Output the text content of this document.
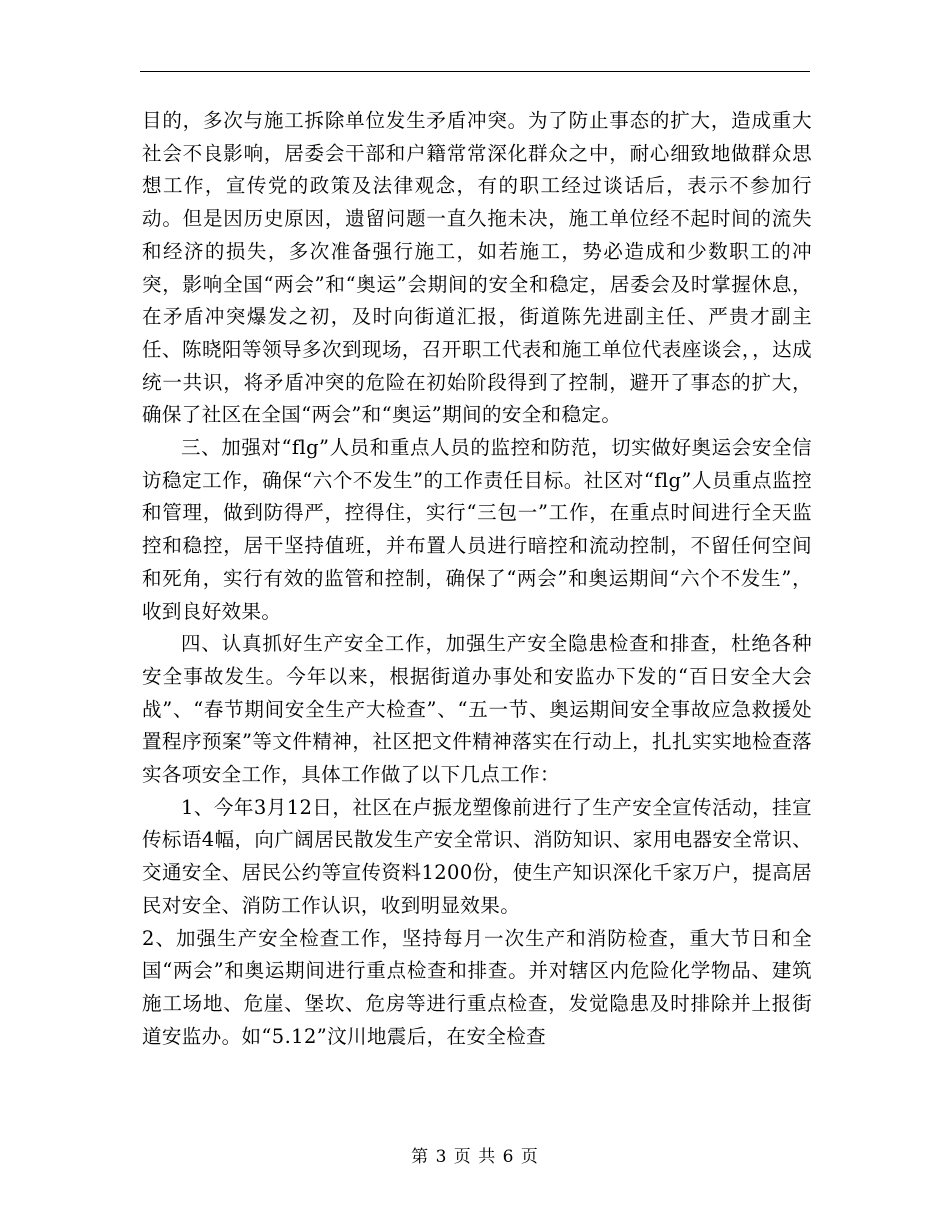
目的，多次与施工拆除单位发生矛盾冲突。为了防止事态的扩大，造成重大社会不良影响，居委会干部和户籍常常深化群众之中，耐心细致地做群众思想工作，宣传党的政策及法律观念，有的职工经过谈话后，表示不参加行动。但是因历史原因，遗留问题一直久拖未决，施工单位经不起时间的流失和经济的损失，多次准备强行施工，如若施工，势必造成和少数职工的冲突，影响全国“两会”和“奥运”会期间的安全和稳定，居委会及时掌握休息，在矛盾冲突爆发之初，及时向街道汇报，街道陈先进副主任、严贵才副主任、陈晓阳等领导多次到现场，召开职工代表和施工单位代表座谈会，，达成统一共识，将矛盾冲突的危险在初始阶段得到了控制，避开了事态的扩大，确保了社区在全国“两会”和“奥运”期间的安全和稳定。

三、加强对“flg”人员和重点人员的监控和防范，切实做好奥运会安全信访稳定工作，确保“六个不发生”的工作责任目标。社区对“flg”人员重点监控和管理，做到防得严，控得住，实行“三包一”工作，在重点时间进行全天监控和稳控，居干坚持值班，并布置人员进行暗控和流动控制，不留任何空间和死角，实行有效的监管和控制，确保了“两会”和奥运期间“六个不发生”，收到良好效果。

四、认真抓好生产安全工作，加强生产安全隐患检查和排查，杜绝各种安全事故发生。今年以来，根据街道办事处和安监办下发的“百日安全大会战”、“春节期间安全生产大检查”、“五一节、奥运期间安全事故应急救援处置程序预案”等文件精神，社区把文件精神落实在行动上，扎扎实实地检查落实各项安全工作，具体工作做了以下几点工作：

1、今年3月12日，社区在卢振龙塑像前进行了生产安全宣传活动，挂宣传标语4幅，向广阔居民散发生产安全常识、消防知识、家用电器安全常识、交通安全、居民公约等宣传资料1200份，使生产知识深化千家万户，提高居民对安全、消防工作认识，收到明显效果。

2、加强生产安全检查工作，坚持每月一次生产和消防检查，重大节日和全国“两会”和奥运期间进行重点检查和排查。并对辖区内危险化学物品、建筑施工场地、危崖、堡坎、危房等进行重点检查，发觉隐患及时排除并上报街道安监办。如“5.12”汶川地震后，在安全检查

第 3 页 共 6 页
